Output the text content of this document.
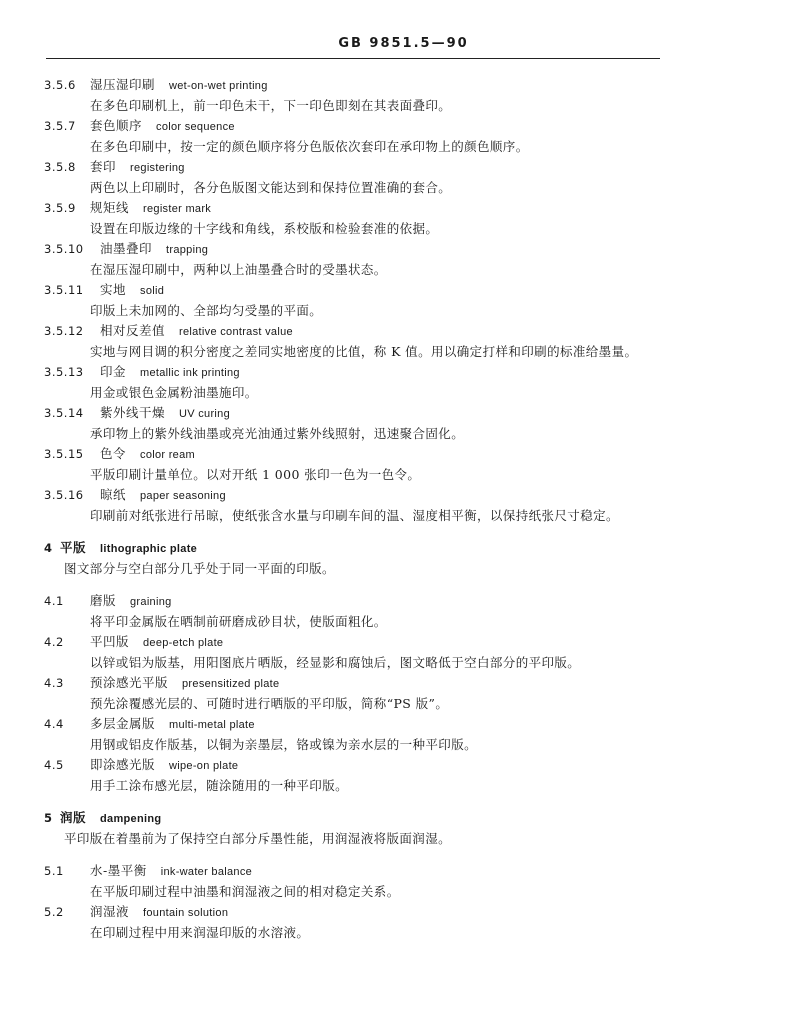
GB 9851.5—90
3.5.6 湿压湿印刷 wet-on-wet printing
在多色印刷机上，前一印色未干，下一印色即刻在其表面叠印。
3.5.7 套色顺序 color sequence
在多色印刷中，按一定的颜色顺序将分色版依次套印在承印物上的颜色顺序。
3.5.8 套印 registering
两色以上印刷时，各分色版图文能达到和保持位置准确的套合。
3.5.9 规矩线 register mark
设置在印版边缘的十字线和角线，系校版和检验套准的依据。
3.5.10 油墨叠印 trapping
在湿压湿印刷中，两种以上油墨叠合时的受墨状态。
3.5.11 实地 solid
印版上未加网的、全部均匀受墨的平面。
3.5.12 相对反差值 relative contrast value
实地与网目调的积分密度之差同实地密度的比值，称 K 值。用以确定打样和印刷的标准给墨量。
3.5.13 印金 metallic ink printing
用金或银色金属粉油墨施印。
3.5.14 紫外线干燥 UV curing
承印物上的紫外线油墨或亮光油通过紫外线照射，迅速聚合固化。
3.5.15 色令 color ream
平版印刷计量单位。以对开纸 1 000 张印一色为一色令。
3.5.16 晾纸 paper seasoning
印刷前对纸张进行吊晾，使纸张含水量与印刷车间的温、湿度相平衡，以保持纸张尺寸稳定。
4 平版 lithographic plate
图文部分与空白部分几乎处于同一平面的印版。
4.1 磨版 graining
将平印金属版在晒制前研磨成砂目状，使版面粗化。
4.2 平凹版 deep-etch plate
以锌或铝为版基，用阳图底片晒版，经显影和腐蚀后，图文略低于空白部分的平印版。
4.3 预涂感光平版 presensitized plate
预先涂覆感光层的、可随时进行晒版的平印版，简称“PS 版”。
4.4 多层金属版 multi-metal plate
用钢或铝皮作版基，以铜为亲墨层，铬或镍为亲水层的一种平印版。
4.5 即涂感光版 wipe-on plate
用手工涂布感光层，随涂随用的一种平印版。
5 润版 dampening
平印版在着墨前为了保持空白部分斥墨性能，用润湿液将版面润湿。
5.1 水-墨平衡 ink-water balance
在平版印刷过程中油墨和润湿液之间的相对稳定关系。
5.2 润湿液 fountain solution
在印刷过程中用来润湿印版的水溶液。
